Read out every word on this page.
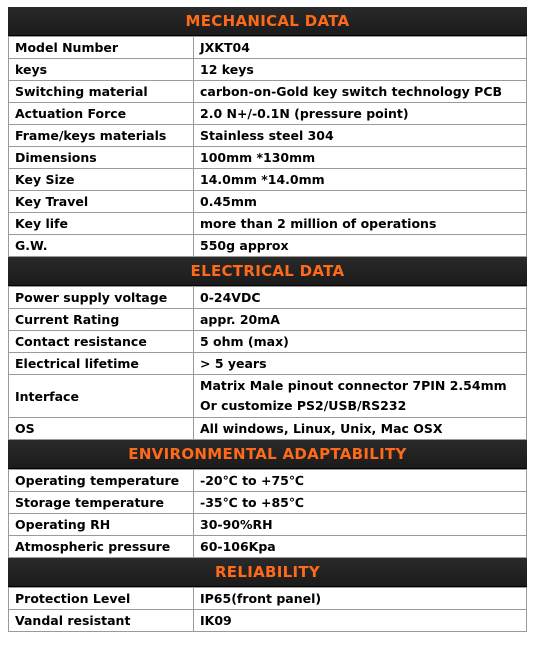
MECHANICAL DATA
Model Number	JXKT04
keys	12 keys
Switching material	carbon-on-Gold key switch technology PCB
Actuation Force	2.0 N+/-0.1N (pressure point)
Frame/keys materials	Stainless steel 304
Dimensions	100mm *130mm
Key Size	14.0mm *14.0mm
Key Travel	0.45mm
Key life	more than 2 million of operations
G.W.	550g approx
ELECTRICAL DATA
Power supply voltage	0-24VDC
Current Rating	appr. 20mA
Contact resistance	5 ohm (max)
Electrical lifetime	> 5 years
Interface	Matrix Male pinout connector 7PIN 2.54mm
Or customize PS2/USB/RS232

OS	All windows, Linux, Unix, Mac OSX
ENVIRONMENTAL ADAPTABILITY
Operating temperature	-20℃ to +75℃
Storage temperature	-35℃ to +85℃
Operating RH	30-90%RH
Atmospheric pressure	60-106Kpa
RELIABILITY
Protection Level	IP65(front panel)
Vandal resistant	IK09
